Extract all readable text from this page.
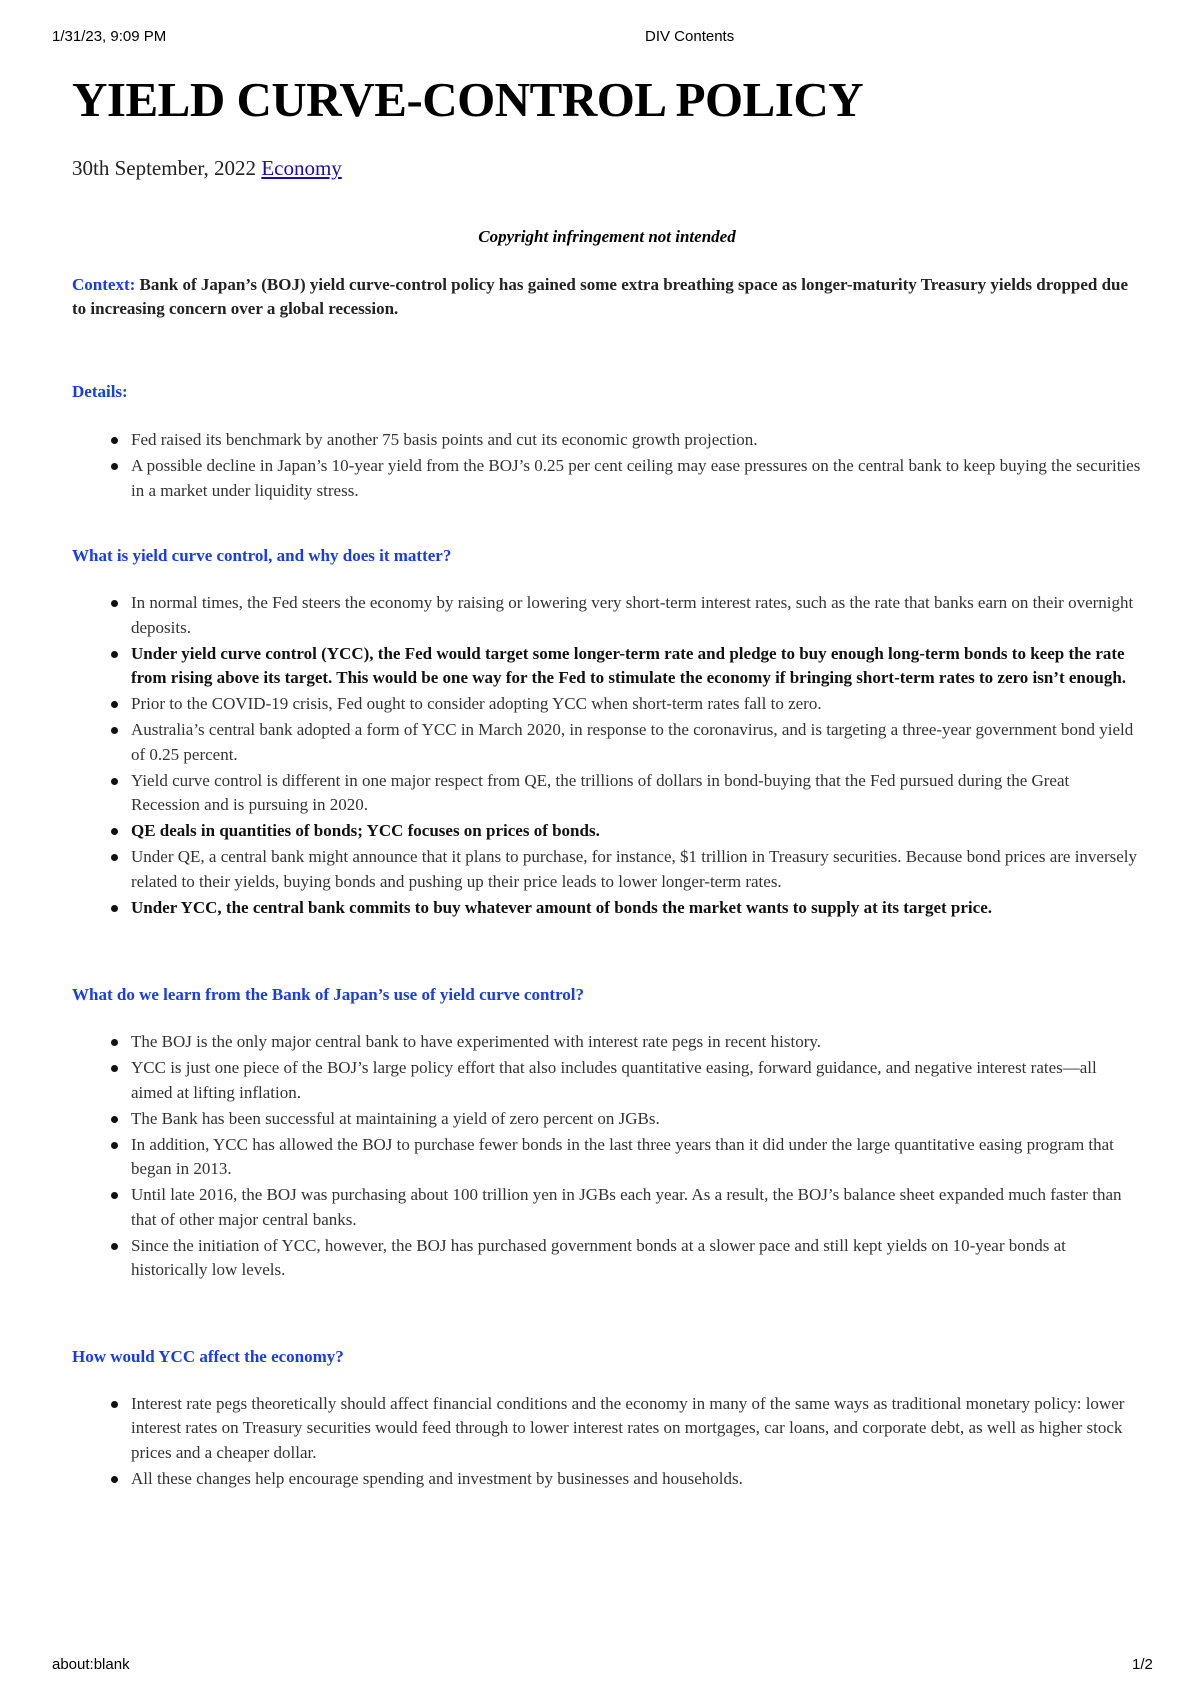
1/31/23, 9:09 PM	DIV Contents
YIELD CURVE-CONTROL POLICY
30th September, 2022 Economy
Copyright infringement not intended
Context: Bank of Japan’s (BOJ) yield curve-control policy has gained some extra breathing space as longer-maturity Treasury yields dropped due to increasing concern over a global recession.
Details:
Fed raised its benchmark by another 75 basis points and cut its economic growth projection.
A possible decline in Japan’s 10-year yield from the BOJ’s 0.25 per cent ceiling may ease pressures on the central bank to keep buying the securities in a market under liquidity stress.
What is yield curve control, and why does it matter?
In normal times, the Fed steers the economy by raising or lowering very short-term interest rates, such as the rate that banks earn on their overnight deposits.
Under yield curve control (YCC), the Fed would target some longer-term rate and pledge to buy enough long-term bonds to keep the rate from rising above its target. This would be one way for the Fed to stimulate the economy if bringing short-term rates to zero isn’t enough.
Prior to the COVID-19 crisis, Fed ought to consider adopting YCC when short-term rates fall to zero.
Australia’s central bank adopted a form of YCC in March 2020, in response to the coronavirus, and is targeting a three-year government bond yield of 0.25 percent.
Yield curve control is different in one major respect from QE, the trillions of dollars in bond-buying that the Fed pursued during the Great Recession and is pursuing in 2020.
QE deals in quantities of bonds; YCC focuses on prices of bonds.
Under QE, a central bank might announce that it plans to purchase, for instance, $1 trillion in Treasury securities. Because bond prices are inversely related to their yields, buying bonds and pushing up their price leads to lower longer-term rates.
Under YCC, the central bank commits to buy whatever amount of bonds the market wants to supply at its target price.
What do we learn from the Bank of Japan’s use of yield curve control?
The BOJ is the only major central bank to have experimented with interest rate pegs in recent history.
YCC is just one piece of the BOJ’s large policy effort that also includes quantitative easing, forward guidance, and negative interest rates—all aimed at lifting inflation.
The Bank has been successful at maintaining a yield of zero percent on JGBs.
In addition, YCC has allowed the BOJ to purchase fewer bonds in the last three years than it did under the large quantitative easing program that began in 2013.
Until late 2016, the BOJ was purchasing about 100 trillion yen in JGBs each year. As a result, the BOJ’s balance sheet expanded much faster than that of other major central banks.
Since the initiation of YCC, however, the BOJ has purchased government bonds at a slower pace and still kept yields on 10-year bonds at historically low levels.
How would YCC affect the economy?
Interest rate pegs theoretically should affect financial conditions and the economy in many of the same ways as traditional monetary policy: lower interest rates on Treasury securities would feed through to lower interest rates on mortgages, car loans, and corporate debt, as well as higher stock prices and a cheaper dollar.
All these changes help encourage spending and investment by businesses and households.
about:blank	1/2
